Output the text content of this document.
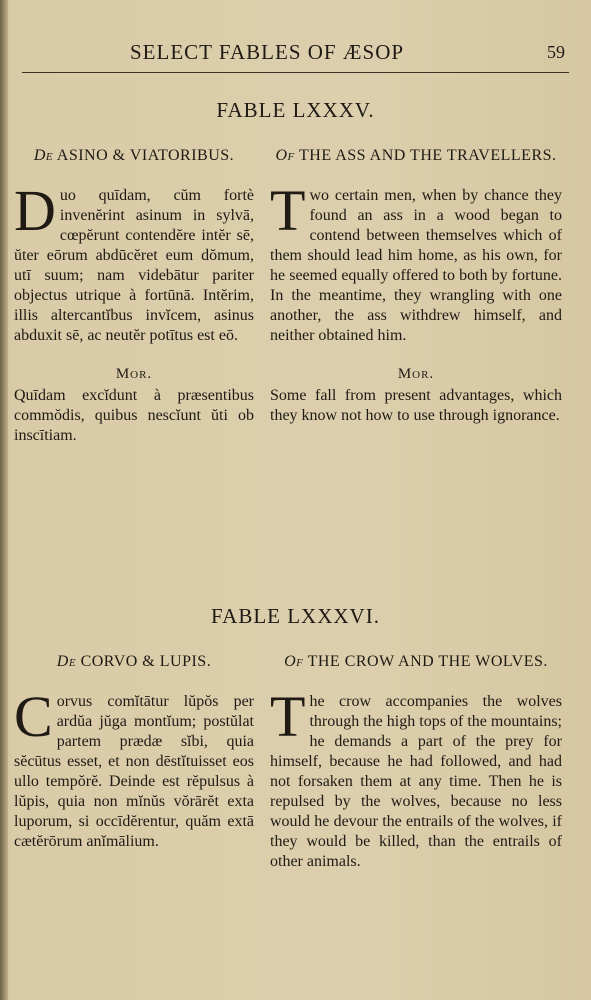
SELECT FABLES OF ÆSOP	59
FABLE LXXXV.
De ASINO & VIATORIBUS.
Duo quīdam, cŭm fortè invenĕrint asinum in sylvā, cœpĕrunt contendĕre intĕr sē, ŭter eōrum abdūcĕret eum dŏmum, utī suum; nam videbātur pariter objectus utrique à fortūnā. Intĕrim, illis altercantĭbus invĭcem, asinus abduxit sē, ac neutĕr potītus est eō.
Mor.
Quīdam excĭdunt à præsentibus commŏdis, quibus nescĭunt ŭti ob inscītiam.
Of THE ASS AND THE TRAVELLERS.
Two certain men, when by chance they found an ass in a wood began to contend between themselves which of them should lead him home, as his own, for he seemed equally offered to both by fortune. In the meantime, they wrangling with one another, the ass withdrew himself, and neither obtained him.
Mor.
Some fall from present advantages, which they know not how to use through ignorance.
FABLE LXXXVI.
De CORVO & LUPIS.
Corvus comĭtātur lŭpŏs per ardŭa jŭga montĭum; postŭlat partem prædæ sĭbi, quia sĕcūtus esset, et non dēstĭtuisset eos ullo tempŏrĕ. Deinde est rĕpulsus à lŭpis, quia non mĭnŭs vŏrārĕt exta luporum, si occīdĕrentur, quăm extā cætĕrōrum anĭmālium.
Of THE CROW AND THE WOLVES.
The crow accompanies the wolves through the high tops of the mountains; he demands a part of the prey for himself, because he had followed, and had not forsaken them at any time. Then he is repulsed by the wolves, because no less would he devour the entrails of the wolves, if they would be killed, than the entrails of other animals.
